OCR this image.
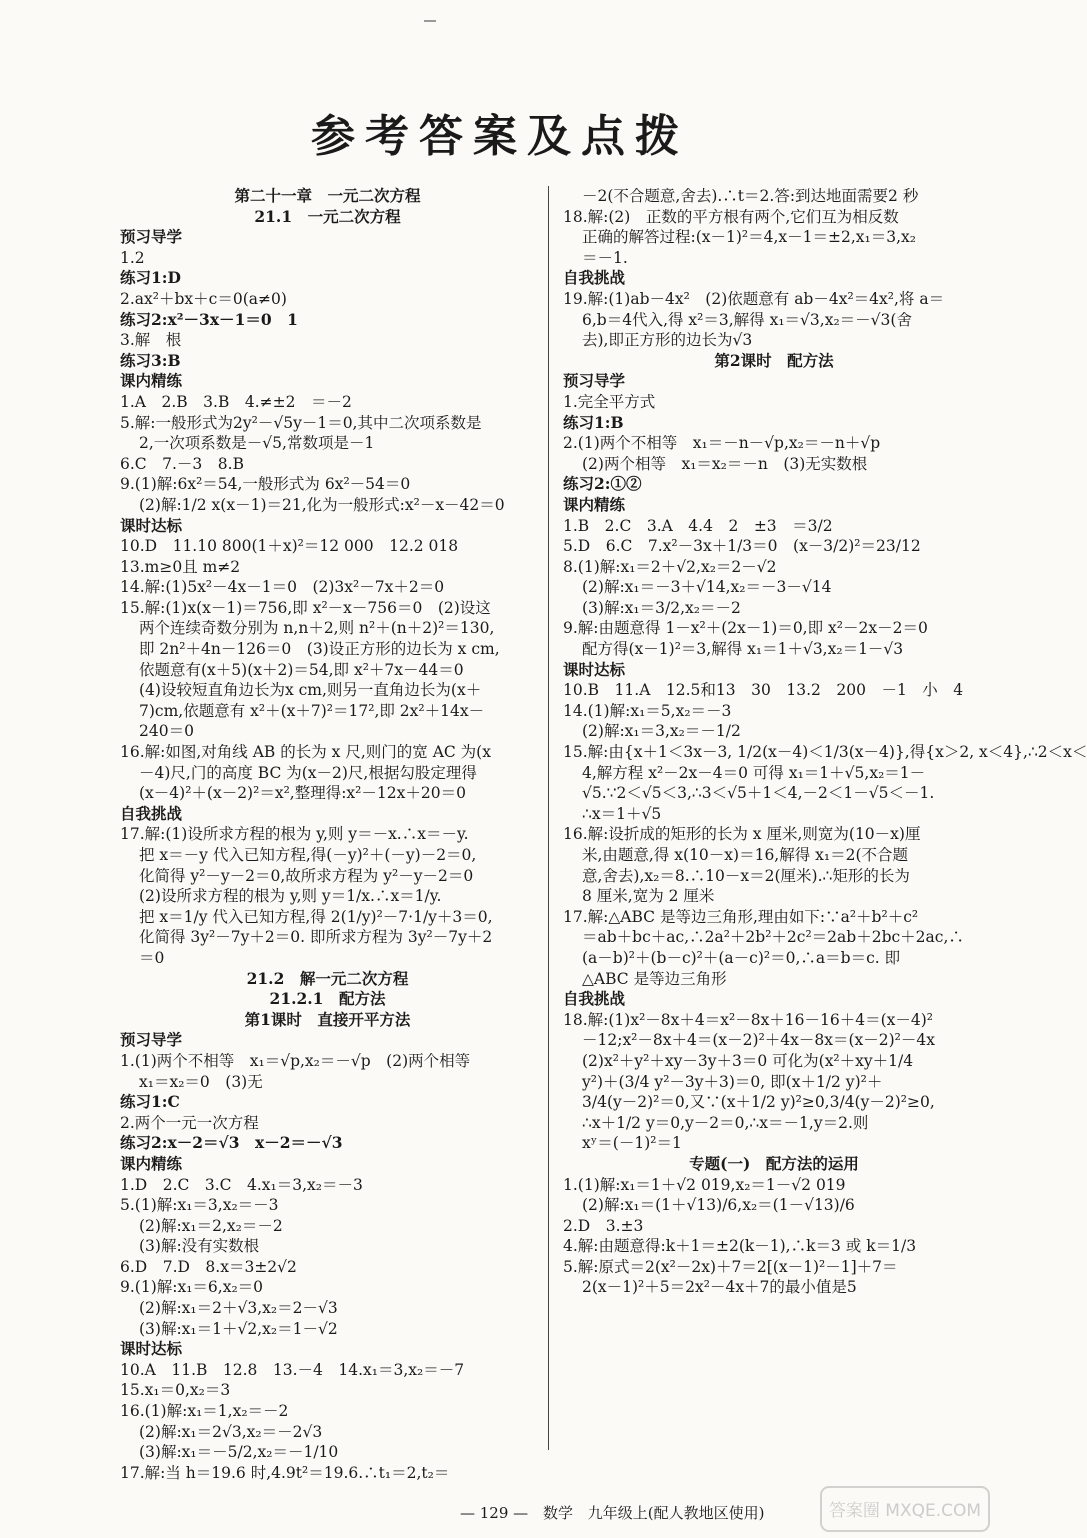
参考答案及点拨
第二十一章　一元二次方程
21.1　一元二次方程
预习导学
1.2
练习1:D
2.ax²＋bx＋c＝0(a≠0)
练习2:x²－3x－1＝0　1
3.解　根
练习3:B
课内精练
1.A　2.B　3.B　4.≠±2　＝－2
5.解:一般形式为2y²－√5y－1＝0,其中二次项系数是
2,一次项系数是－√5,常数项是－1
6.C　7.－3　8.B
9.(1)解:6x²＝54,一般形式为 6x²－54＝0
(2)解:1/2 x(x－1)＝21,化为一般形式:x²－x－42＝0
课时达标
10.D　11.10 800(1＋x)²＝12 000　12.2 018
13.m≥0且 m≠2
14.解:(1)5x²－4x－1＝0　(2)3x²－7x＋2＝0
15.解:(1)x(x－1)＝756,即 x²－x－756＝0　(2)设这
两个连续奇数分别为 n,n＋2,则 n²＋(n＋2)²＝130,
即 2n²＋4n－126＝0　(3)设正方形的边长为 x cm,
依题意有(x＋5)(x＋2)＝54,即 x²＋7x－44＝0
(4)设较短直角边长为x cm,则另一直角边长为(x＋
7)cm,依题意有 x²＋(x＋7)²＝17²,即 2x²＋14x－
240＝0
16.解:如图,对角线 AB 的长为 x 尺,则门的宽 AC 为(x
－4)尺,门的高度 BC 为(x－2)尺,根据勾股定理得
(x－4)²＋(x－2)²＝x²,整理得:x²－12x＋20＝0
自我挑战
17.解:(1)设所求方程的根为 y,则 y＝－x.∴x＝－y.
把 x＝－y 代入已知方程,得(－y)²＋(－y)－2＝0,
化简得 y²－y－2＝0,故所求方程为 y²－y－2＝0
(2)设所求方程的根为 y,则 y＝1/x.∴x＝1/y.
把 x＝1/y 代入已知方程,得 2(1/y)²－7·1/y＋3＝0,
化简得 3y²－7y＋2＝0. 即所求方程为 3y²－7y＋2
＝0
21.2　解一元二次方程
21.2.1　配方法
第1课时　直接开平方法
预习导学
1.(1)两个不相等　x₁＝√p,x₂＝－√p　(2)两个相等
x₁＝x₂＝0　(3)无
练习1:C
2.两个一元一次方程
练习2:x－2＝√3　x－2＝－√3
课内精练
1.D　2.C　3.C　4.x₁＝3,x₂＝－3
5.(1)解:x₁＝3,x₂＝－3
(2)解:x₁＝2,x₂＝－2
(3)解:没有实数根
6.D　7.D　8.x＝3±2√2
9.(1)解:x₁＝6,x₂＝0
(2)解:x₁＝2＋√3,x₂＝2－√3
(3)解:x₁＝1＋√2,x₂＝1－√2
课时达标
10.A　11.B　12.8　13.－4　14.x₁＝3,x₂＝－7
15.x₁＝0,x₂＝3
16.(1)解:x₁＝1,x₂＝－2
(2)解:x₁＝2√3,x₂＝－2√3
(3)解:x₁＝－5/2,x₂＝－1/10
17.解:当 h＝19.6 时,4.9t²＝19.6.∴t₁＝2,t₂＝
－2(不合题意,舍去).∴t＝2.答:到达地面需要2 秒
18.解:(2)　正数的平方根有两个,它们互为相反数
正确的解答过程:(x－1)²＝4,x－1＝±2,x₁＝3,x₂
＝－1.
自我挑战
19.解:(1)ab－4x²　(2)依题意有 ab－4x²＝4x²,将 a＝
6,b＝4代入,得 x²＝3,解得 x₁＝√3,x₂＝－√3(舍
去),即正方形的边长为√3
第2课时　配方法
预习导学
1.完全平方式
练习1:B
2.(1)两个不相等　x₁＝－n－√p,x₂＝－n＋√p
(2)两个相等　x₁＝x₂＝－n　(3)无实数根
练习2:①②
课内精练
1.B　2.C　3.A　4.4　2　±3　＝3/2
5.D　6.C　7.x²－3x＋1/3＝0　(x－3/2)²＝23/12
8.(1)解:x₁＝2＋√2,x₂＝2－√2
(2)解:x₁＝－3＋√14,x₂＝－3－√14
(3)解:x₁＝3/2,x₂＝－2
9.解:由题意得 1－x²＋(2x－1)＝0,即 x²－2x－2＝0
配方得(x－1)²＝3,解得 x₁＝1＋√3,x₂＝1－√3
课时达标
10.B　11.A　12.5和13　30　13.2　200　－1　小　4
14.(1)解:x₁＝5,x₂＝－3
(2)解:x₁＝3,x₂＝－1/2
15.解:由{x＋1＜3x－3, 1/2(x－4)＜1/3(x－4)},得{x＞2, x＜4},∴2＜x＜
4,解方程 x²－2x－4＝0 可得 x₁＝1＋√5,x₂＝1－
√5.∵2＜√5＜3,∴3＜√5＋1＜4,－2＜1－√5＜－1.
∴x＝1＋√5
16.解:设折成的矩形的长为 x 厘米,则宽为(10－x)厘
米,由题意,得 x(10－x)＝16,解得 x₁＝2(不合题
意,舍去),x₂＝8.∴10－x＝2(厘米).∴矩形的长为
8 厘米,宽为 2 厘米
17.解:△ABC 是等边三角形,理由如下:∵a²＋b²＋c²
＝ab＋bc＋ac,∴2a²＋2b²＋2c²＝2ab＋2bc＋2ac,∴
(a－b)²＋(b－c)²＋(a－c)²＝0,∴a＝b＝c. 即
△ABC 是等边三角形
自我挑战
18.解:(1)x²－8x＋4＝x²－8x＋16－16＋4＝(x－4)²
－12;x²－8x＋4＝(x－2)²＋4x－8x＝(x－2)²－4x
(2)x²＋y²＋xy－3y＋3＝0 可化为(x²＋xy＋1/4
y²)＋(3/4 y²－3y＋3)＝0, 即(x＋1/2 y)²＋
3/4(y－2)²＝0,又∵(x＋1/2 y)²≥0,3/4(y－2)²≥0,
∴x＋1/2 y＝0,y－2＝0,∴x＝－1,y＝2.则
xʸ＝(－1)²＝1
专题(一)　配方法的运用
1.(1)解:x₁＝1＋√2 019,x₂＝1－√2 019
(2)解:x₁＝(1＋√13)/6,x₂＝(1－√13)/6
2.D　3.±3
4.解:由题意得:k＋1＝±2(k－1),∴k＝3 或 k＝1/3
5.解:原式＝2(x²－2x)＋7＝2[(x－1)²－1]＋7＝
2(x－1)²＋5＝2x²－4x＋7的最小值是5
— 129 — 数学 九年级上(配人教地区使用)	答案圈 MXQE.COM
